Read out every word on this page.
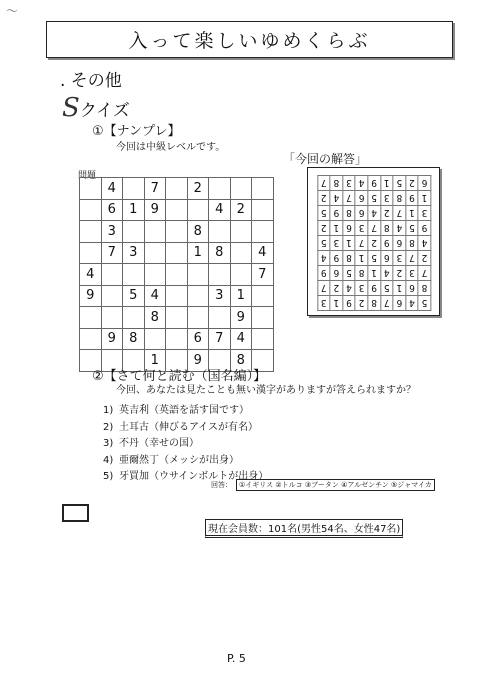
〜
入って楽しいゆめくらぶ
. その他
Sクイズ
①【ナンプレ】
今回は中級レベルです。
問題
	4		7		2			
	6	1	9			4	2	
	3				8			
	7	3			1	8		4
4								7
9		5	4			3	1	
			8				9	
	9	8			6	7	4	
			1		9		8	
「今回の解答」
5	4	6	7	8	2	9	1	3
8	6	1	5	9	3	4	2	7
7	3	2	4	1	8	5	6	9
2	7	3	6	5	1	8	9	4
4	8	6	9	2	7	1	3	5
9	5	4	8	7	3	6	1	2
3	1	7	2	4	6	8	9	5
1	9	8	3	5	6	7	4	2
6	2	5	1	9	4	3	8	7
②【さて何と読む（国名編）】
今回、あなたは見たことも無い漢字がありますが答えられますか？
1) 英吉利（英語を話す国です）
2) 土耳古（伸びるアイスが有名）
3) 不丹（幸せの国）
4) 亜爾然丁（メッシが出身）
5) 牙買加（ウサインボルトが出身）
回答： ①イギリス ②トルコ ③ブータン ④アルゼンチン ⑤ジャマイカ
現在会員数：101名(男性54名、女性47名)
P. 5
